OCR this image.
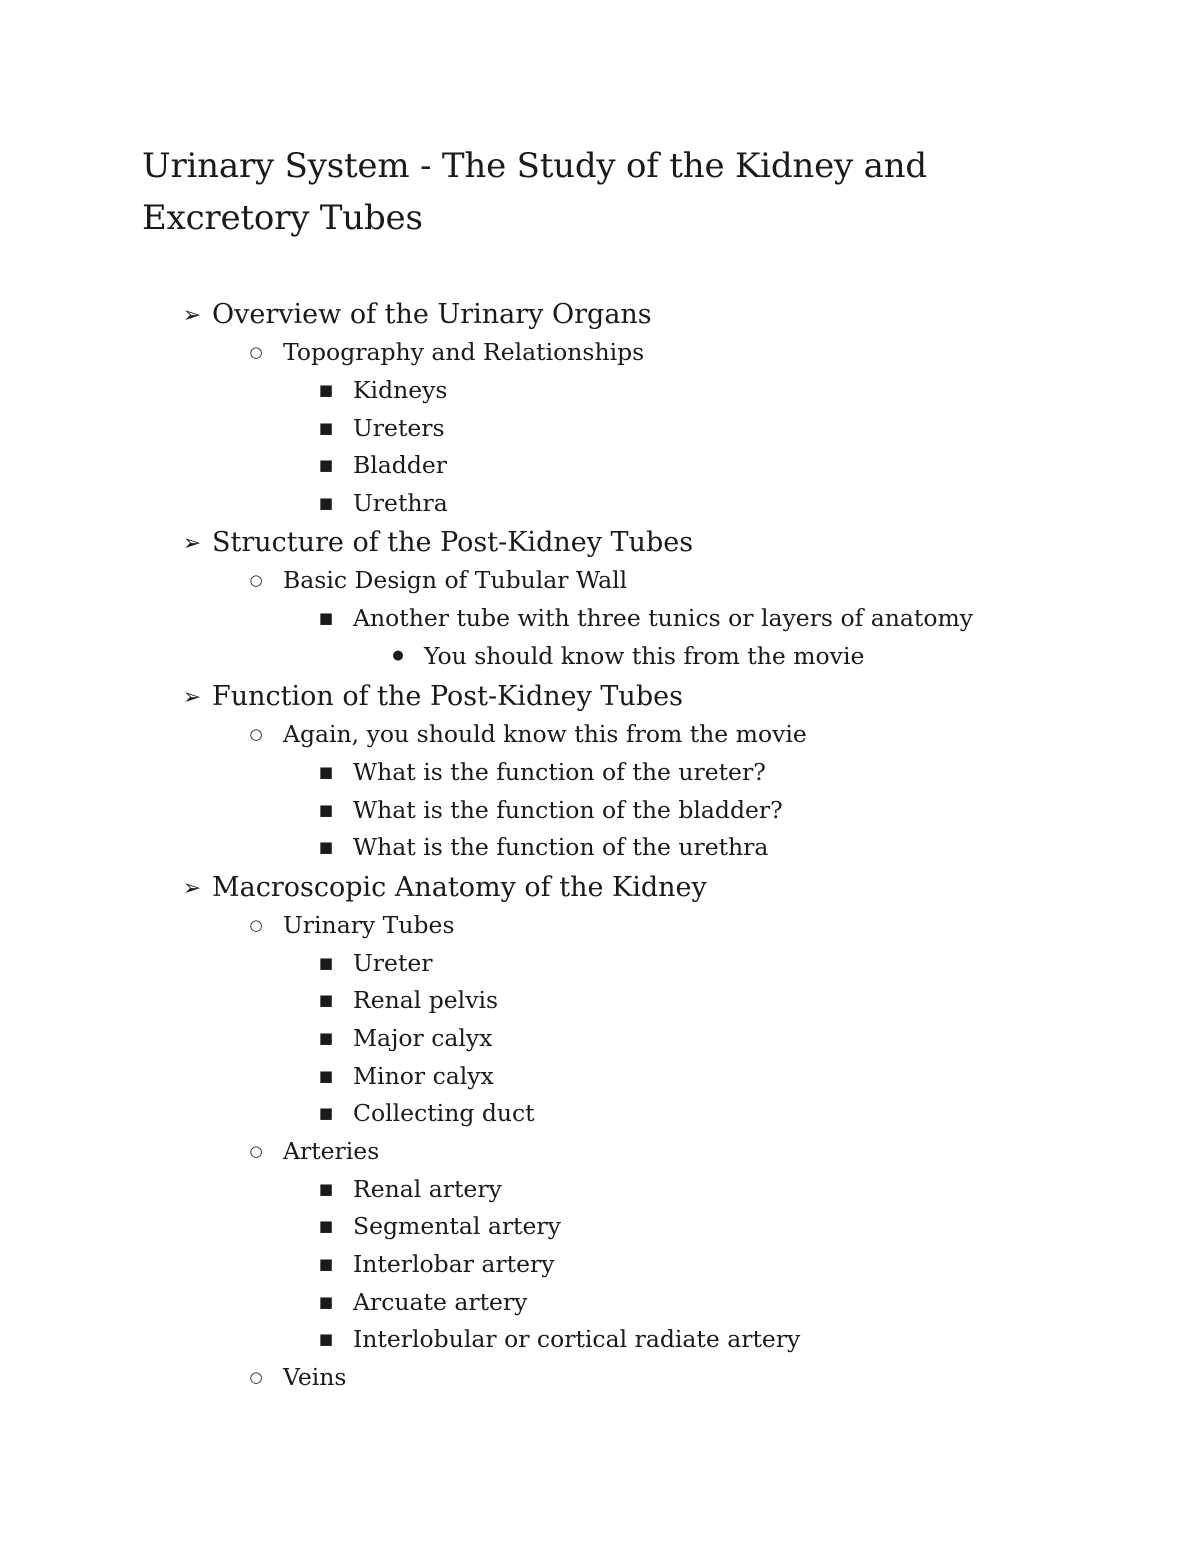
Urinary System - The Study of the Kidney and Excretory Tubes
➢ Overview of the Urinary Organs
○ Topography and Relationships
■ Kidneys
■ Ureters
■ Bladder
■ Urethra
➢ Structure of the Post-Kidney Tubes
○ Basic Design of Tubular Wall
■ Another tube with three tunics or layers of anatomy
● You should know this from the movie
➢ Function of the Post-Kidney Tubes
○ Again, you should know this from the movie
■ What is the function of the ureter?
■ What is the function of the bladder?
■ What is the function of the urethra
➢ Macroscopic Anatomy of the Kidney
○ Urinary Tubes
■ Ureter
■ Renal pelvis
■ Major calyx
■ Minor calyx
■ Collecting duct
○ Arteries
■ Renal artery
■ Segmental artery
■ Interlobar artery
■ Arcuate artery
■ Interlobular or cortical radiate artery
○ Veins
